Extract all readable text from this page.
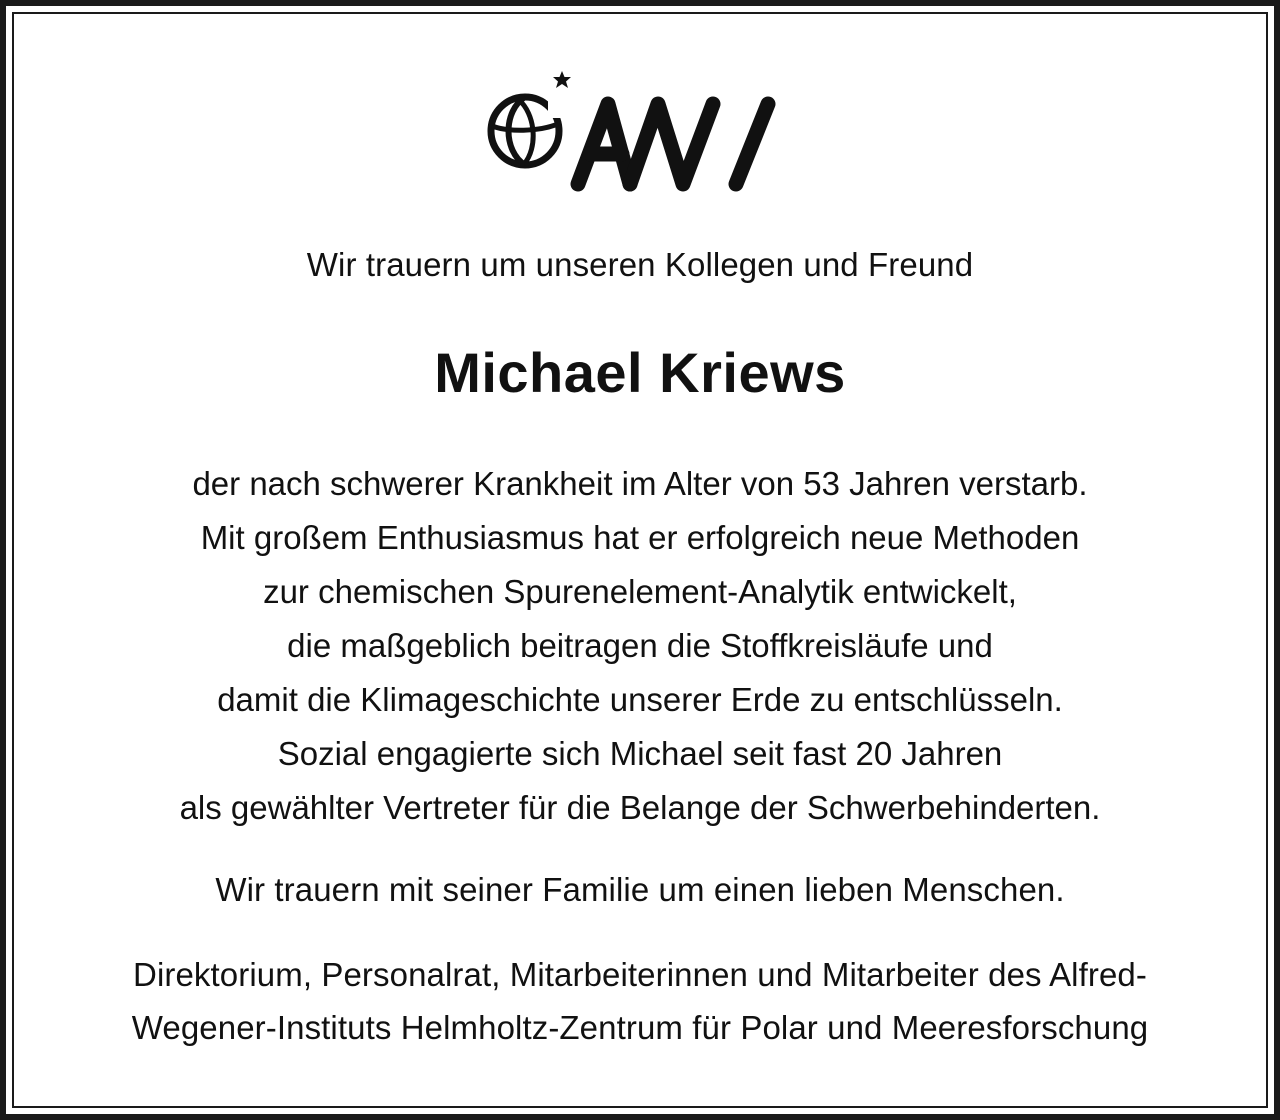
Wir trauern um unseren Kollegen und Freund
Michael Kriews
der nach schwerer Krankheit im Alter von 53 Jahren verstarb.
Mit großem Enthusiasmus hat er erfolgreich neue Methoden
zur chemischen Spurenelement-Analytik entwickelt,
die maßgeblich beitragen die Stoffkreisläufe und
damit die Klimageschichte unserer Erde zu entschlüsseln.
Sozial engagierte sich Michael seit fast 20 Jahren
als gewählter Vertreter für die Belange der Schwerbehinderten.
Wir trauern mit seiner Familie um einen lieben Menschen.
Direktorium, Personalrat, Mitarbeiterinnen und Mitarbeiter des Alfred-
Wegener-Instituts Helmholtz-Zentrum für Polar und Meeresforschung
